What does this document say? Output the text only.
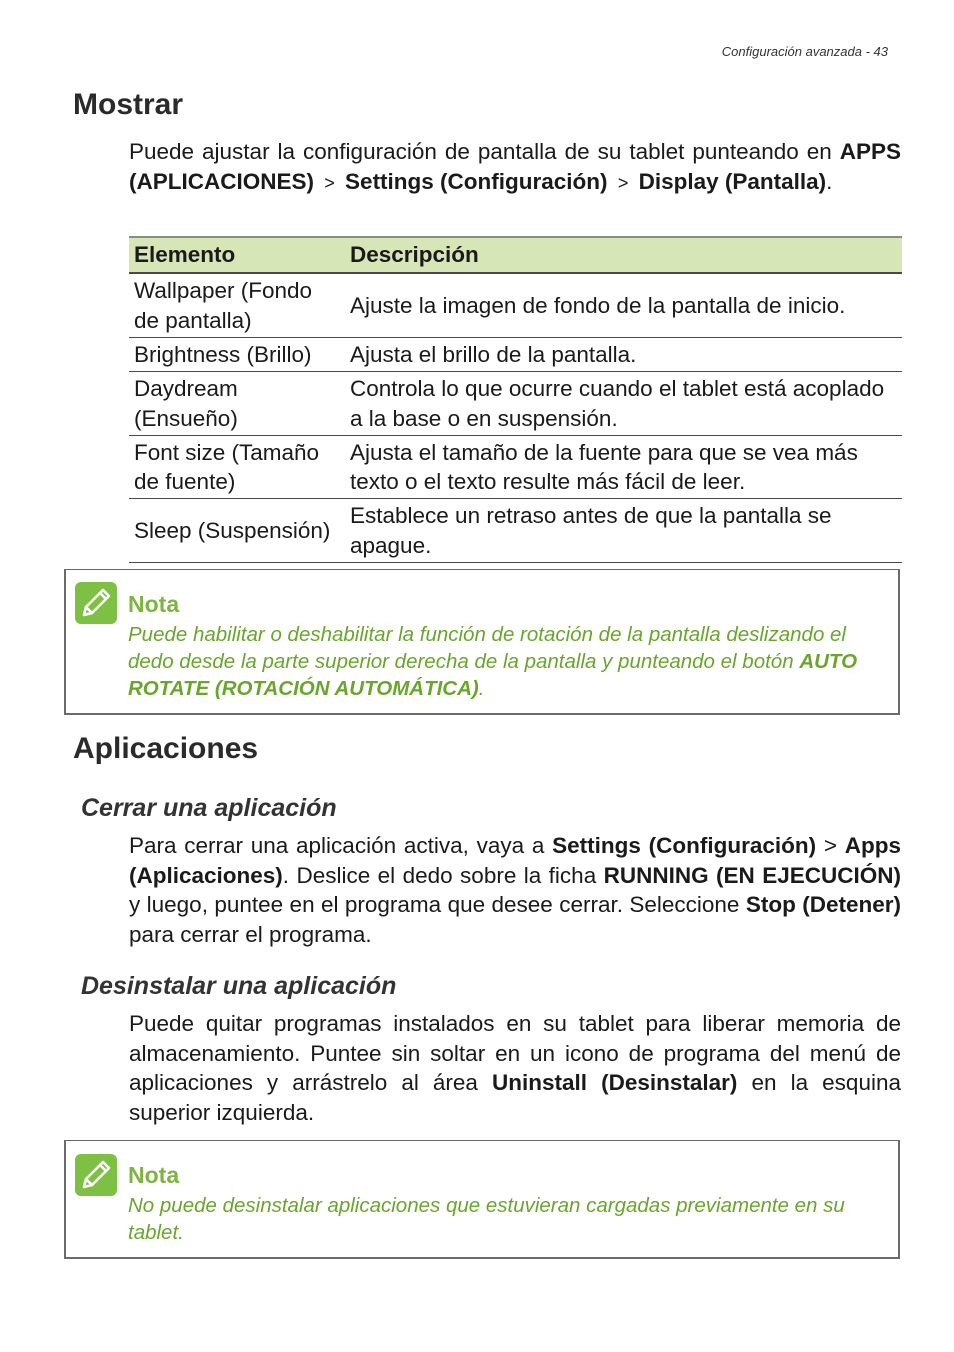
Configuración avanzada - 43
Mostrar

Puede ajustar la configuración de pantalla de su tablet punteando en APPS (APLICACIONES) > Settings (Configuración) > Display (Pantalla).

Elemento	Descripción
Wallpaper (Fondo de pantalla)	Ajuste la imagen de fondo de la pantalla de inicio.
Brightness (Brillo)	Ajusta el brillo de la pantalla.
Daydream (Ensueño)	Controla lo que ocurre cuando el tablet está acoplado a la base o en suspensión.
Font size (Tamaño de fuente)	Ajusta el tamaño de la fuente para que se vea más texto o el texto resulte más fácil de leer.
Sleep (Suspensión)	Establece un retraso antes de que la pantalla se apague.
Nota
Puede habilitar o deshabilitar la función de rotación de la pantalla deslizando el dedo desde la parte superior derecha de la pantalla y punteando el botón AUTO ROTATE (ROTACIÓN AUTOMÁTICA).
Aplicaciones
Cerrar una aplicación

Para cerrar una aplicación activa, vaya a Settings (Configuración) > Apps (Aplicaciones). Deslice el dedo sobre la ficha RUNNING (EN EJECUCIÓN) y luego, puntee en el programa que desee cerrar. Seleccione Stop (Detener) para cerrar el programa.

Desinstalar una aplicación

Puede quitar programas instalados en su tablet para liberar memoria de almacenamiento. Puntee sin soltar en un icono de programa del menú de aplicaciones y arrástrelo al área Uninstall (Desinstalar) en la esquina superior izquierda.

Nota
No puede desinstalar aplicaciones que estuvieran cargadas previamente en su tablet.
